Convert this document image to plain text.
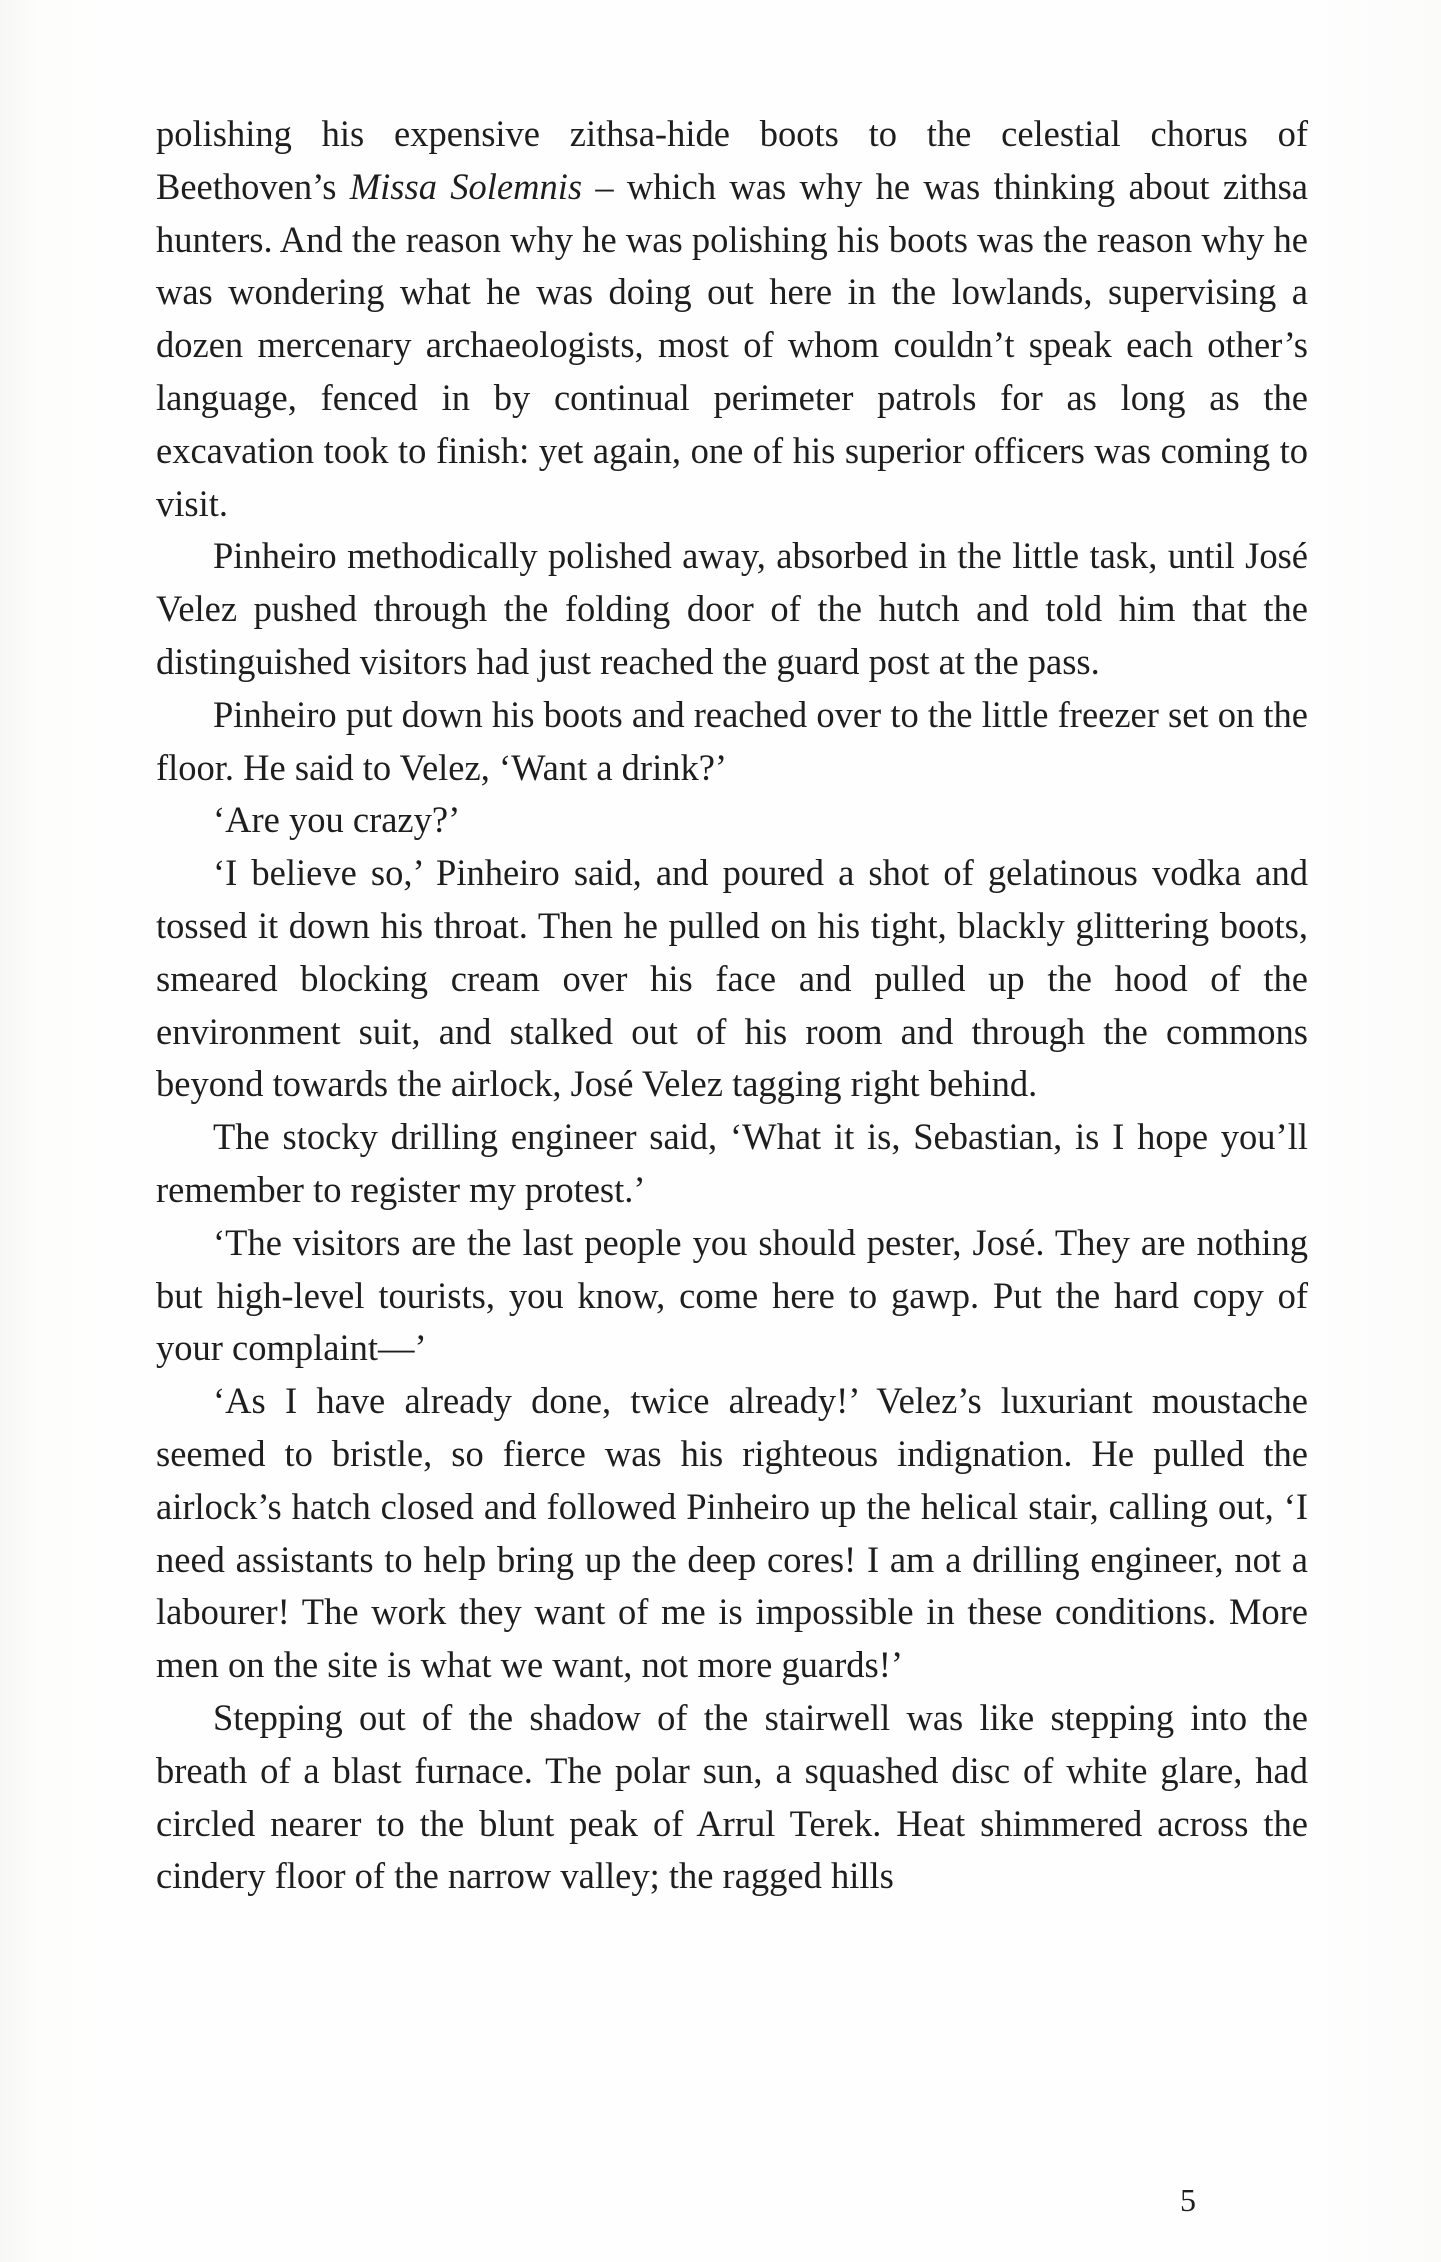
polishing his expensive zithsa-hide boots to the celestial chorus of Beethoven’s Missa Solemnis – which was why he was thinking about zithsa hunters. And the reason why he was polishing his boots was the reason why he was wondering what he was doing out here in the lowlands, supervising a dozen mercenary archaeologists, most of whom couldn’t speak each other’s language, fenced in by continual perimeter patrols for as long as the excavation took to finish: yet again, one of his superior officers was coming to visit.

Pinheiro methodically polished away, absorbed in the little task, until José Velez pushed through the folding door of the hutch and told him that the distinguished visitors had just reached the guard post at the pass.

Pinheiro put down his boots and reached over to the little freezer set on the floor. He said to Velez, ‘Want a drink?’

‘Are you crazy?’

‘I believe so,’ Pinheiro said, and poured a shot of gelatinous vodka and tossed it down his throat. Then he pulled on his tight, blackly glittering boots, smeared blocking cream over his face and pulled up the hood of the environment suit, and stalked out of his room and through the commons beyond towards the airlock, José Velez tagging right behind.

The stocky drilling engineer said, ‘What it is, Sebastian, is I hope you’ll remember to register my protest.’

‘The visitors are the last people you should pester, José. They are nothing but high-level tourists, you know, come here to gawp. Put the hard copy of your complaint—’

‘As I have already done, twice already!’ Velez’s luxuriant moustache seemed to bristle, so fierce was his righteous indignation. He pulled the airlock’s hatch closed and followed Pinheiro up the helical stair, calling out, ‘I need assistants to help bring up the deep cores! I am a drilling engineer, not a labourer! The work they want of me is impossible in these conditions. More men on the site is what we want, not more guards!’

Stepping out of the shadow of the stairwell was like stepping into the breath of a blast furnace. The polar sun, a squashed disc of white glare, had circled nearer to the blunt peak of Arrul Terek. Heat shimmered across the cindery floor of the narrow valley; the ragged hills

5
